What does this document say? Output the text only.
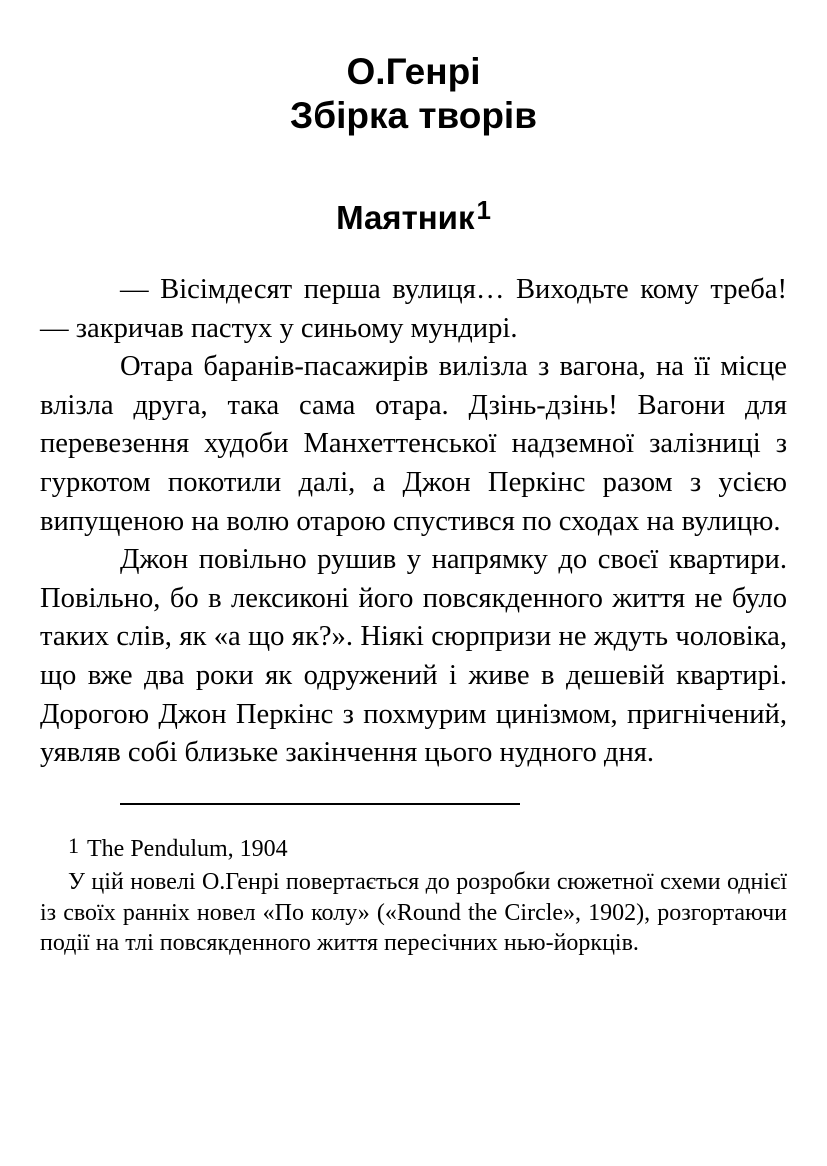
О.Генрі
Збірка творів
Маятник$^1$

— Вісімдесят перша вулиця… Виходьте кому треба! — закричав пастух у синьому мундирі.

Отара баранів-пасажирів вилізла з вагона, на її місце влізла друга, така сама отара. Дзінь-дзінь! Вагони для перевезення худоби Манхеттенської надземної залізниці з гуркотом покотили далі, а Джон Перкінс разом з усією випущеною на волю отарою спустився по сходах на вулицю.

Джон повільно рушив у напрямку до своєї квартири. Повільно, бо в лексиконі його повсякденного життя не було таких слів, як «а що як?». Ніякі сюрпризи не ждуть чоловіка, що вже два роки як одружений і живе в дешевій квартирі. Дорогою Джон Перкінс з похмурим цинізмом, пригнічений, уявляв собі близьке закінчення цього нудного дня.

1 The Pendulum, 1904

У цій новелі О.Генрі повертається до розробки сюжетної схеми однієї із своїх ранніх новел «По колу» («Round the Circle», 1902), розгортаючи події на тлі повсякденного життя пересічних нью-йоркців.
